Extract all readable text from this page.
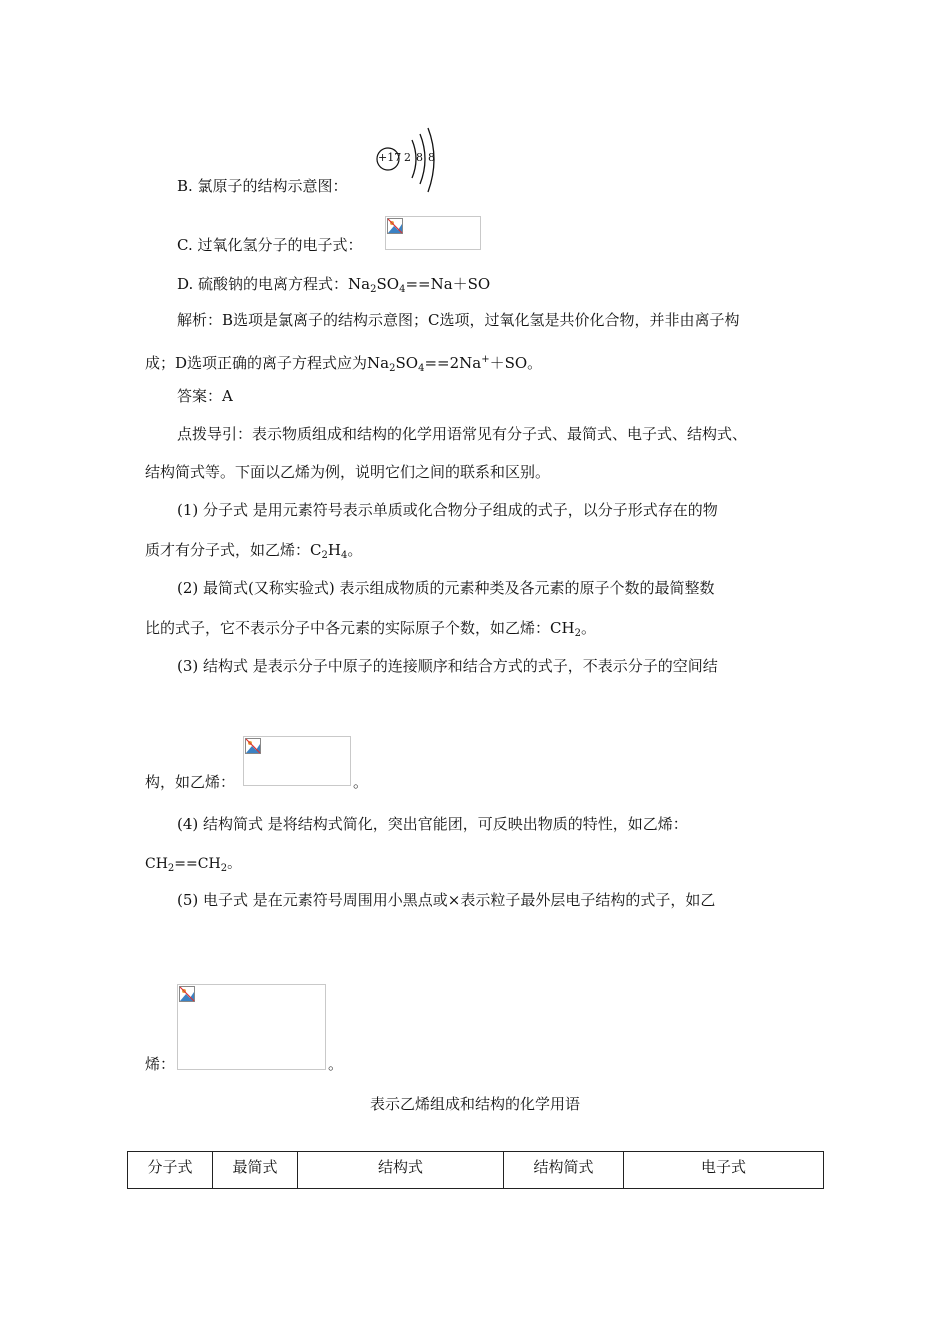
+17 2 8 8
B. 氯原子的结构示意图：
C. 过氧化氢分子的电子式：
D. 硫酸钠的电离方程式：$Na_2SO_4==Na+SO$
解析：B选项是氯离子的结构示意图；C选项，过氧化氢是共价化合物，并非由离子构
成；D选项正确的离子方程式应为$Na_2SO_4==2Na^++SO$。
答案：A
点拨导引：表示物质组成和结构的化学用语常见有分子式、最简式、电子式、结构式、
结构简式等。下面以乙烯为例，说明它们之间的联系和区别。
(1) 分子式 是用元素符号表示单质或化合物分子组成的式子，以分子形式存在的物
质才有分子式，如乙烯：$C_2H_4$。
(2) 最简式(又称实验式) 表示组成物质的元素种类及各元素的原子个数的最简整数
比的式子，它不表示分子中各元素的实际原子个数，如乙烯：$CH_2$。
(3) 结构式 是表示分子中原子的连接顺序和结合方式的式子，不表示分子的空间结
构，如乙烯：	。
(4) 结构简式 是将结构式简化，突出官能团，可反映出物质的特性，如乙烯：
$CH_2==CH_2$。
(5) 电子式 是在元素符号周围用小黑点或×表示粒子最外层电子结构的式子，如乙
烯：	。
表示乙烯组成和结构的化学用语
分子式	最简式	结构式	结构简式	电子式
